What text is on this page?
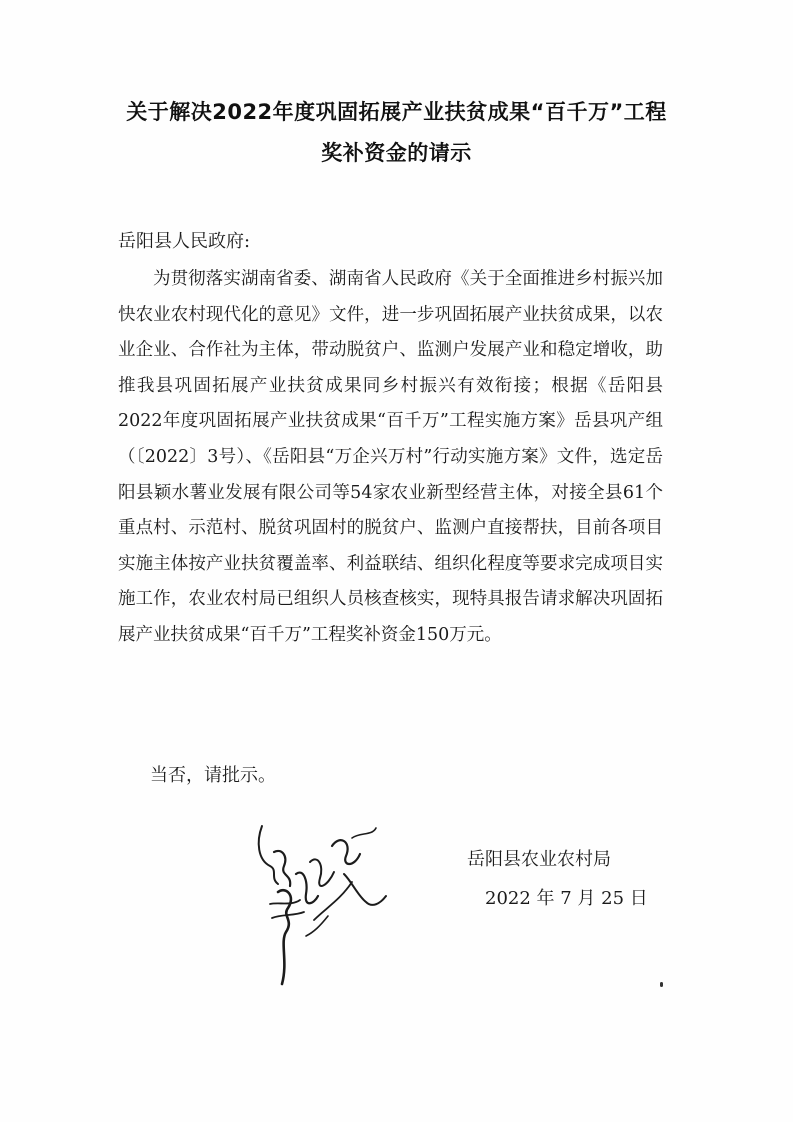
关于解决2022年度巩固拓展产业扶贫成果“百千万”工程
奖补资金的请示
岳阳县人民政府:

为贯彻落实湖南省委、湖南省人民政府《关于全面推进乡村振兴加快农业农村现代化的意见》文件，进一步巩固拓展产业扶贫成果，以农业企业、合作社为主体，带动脱贫户、监测户发展产业和稳定增收，助推我县巩固拓展产业扶贫成果同乡村振兴有效衔接；根据《岳阳县2022年度巩固拓展产业扶贫成果“百千万”工程实施方案》岳县巩产组（〔2022〕3号）、《岳阳县“万企兴万村”行动实施方案》文件，选定岳阳县颖水薯业发展有限公司等54家农业新型经营主体，对接全县61个重点村、示范村、脱贫巩固村的脱贫户、监测户直接帮扶，目前各项目实施主体按产业扶贫覆盖率、利益联结、组织化程度等要求完成项目实施工作，农业农村局已组织人员核查核实，现特具报告请求解决巩固拓展产业扶贫成果“百千万”工程奖补资金150万元。

当否，请批示。
岳阳县农业农村局
2022 年 7 月 25 日
